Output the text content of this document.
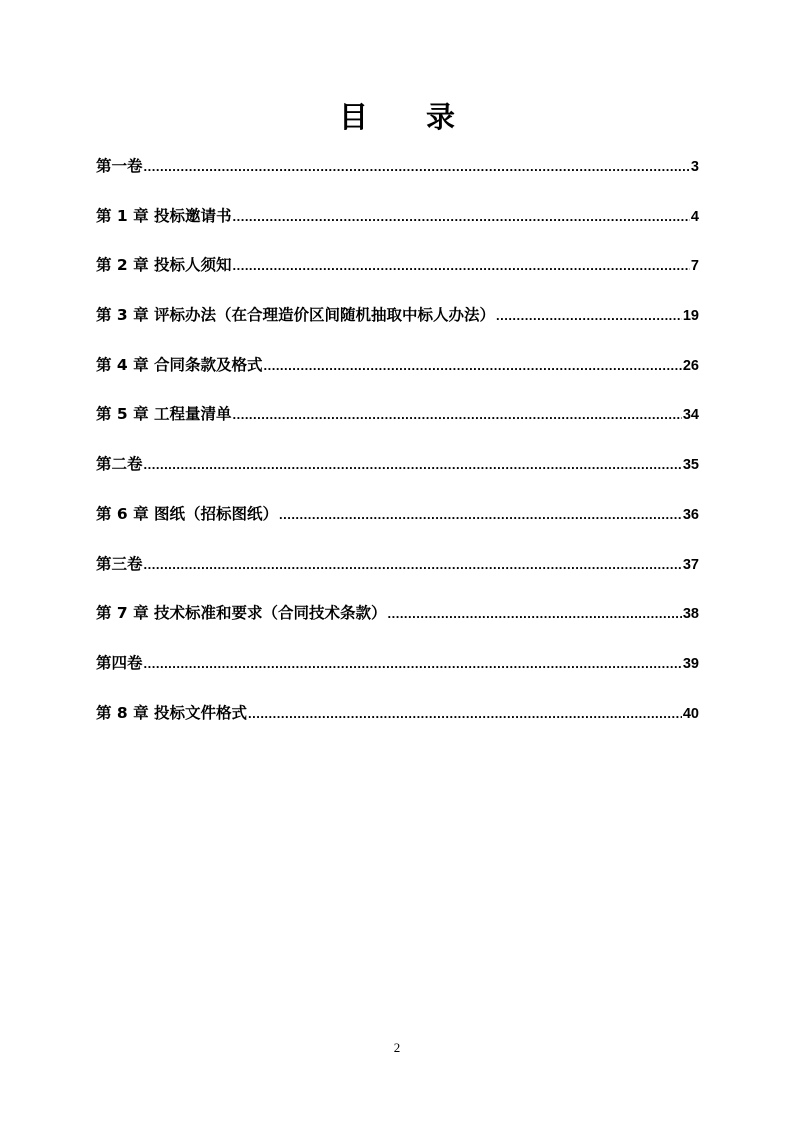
目 录
第一卷 .....	3
第 1 章 投标邀请书 .....	4
第 2 章 投标人须知 .....	7
第 3 章 评标办法（在合理造价区间随机抽取中标人办法） .....	19
第 4 章 合同条款及格式 .....	26
第 5 章 工程量清单 .....	34
第二卷 .....	35
第 6 章 图纸（招标图纸） .....	36
第三卷 .....	37
第 7 章 技术标准和要求（合同技术条款） .....	38
第四卷 .....	39
第 8 章 投标文件格式 .....	40
2
